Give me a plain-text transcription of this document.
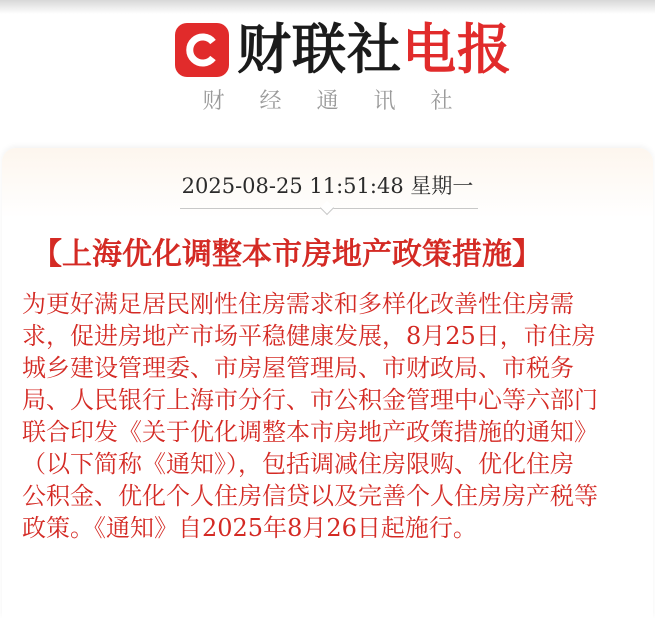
财联社电报
财经通讯社
2025-08-25 11:51:48 星期一
【上海优化调整本市房地产政策措施】
为更好满足居民刚性住房需求和多样化改善性住房需
求，促进房地产市场平稳健康发展，8月25日，市住房
城乡建设管理委、市房屋管理局、市财政局、市税务
局、人民银行上海市分行、市公积金管理中心等六部门
联合印发《关于优化调整本市房地产政策措施的通知》
（以下简称《通知》），包括调减住房限购、优化住房
公积金、优化个人住房信贷以及完善个人住房房产税等
政策。《通知》自2025年8月26日起施行。
